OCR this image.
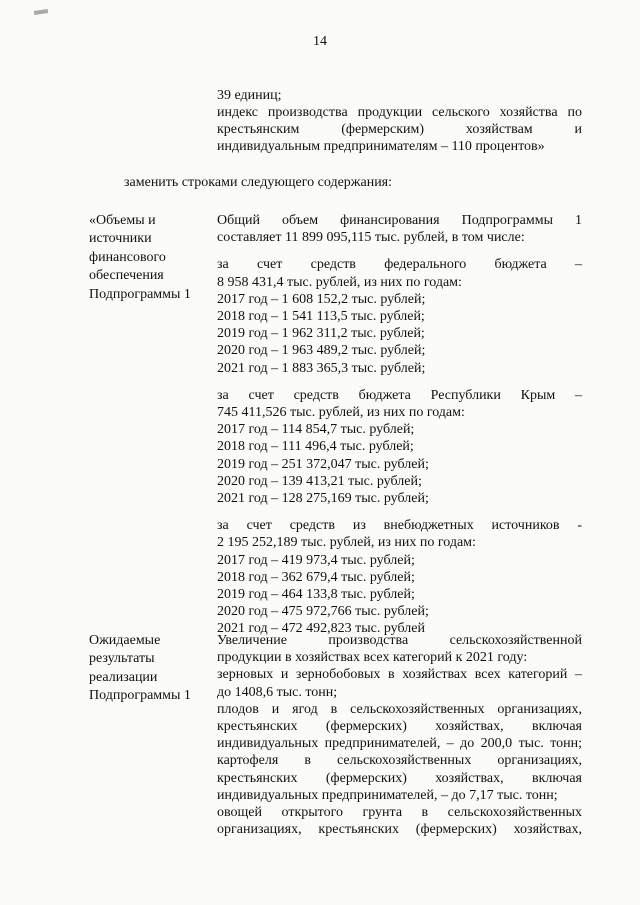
14
39 единиц;
индекс производства продукции сельского хозяйства по
крестьянским (фермерским) хозяйствам и
индивидуальным предпринимателям – 110 процентов»
заменить строками следующего содержания:
«Объемы и
источники
финансового
обеспечения
Подпрограммы 1
Общий объем финансирования Подпрограммы 1
составляет 11 899 095,115 тыс. рублей, в том числе:
за счет средств федерального бюджета –
8 958 431,4 тыс. рублей, из них по годам:
2017 год – 1 608 152,2 тыс. рублей;
2018 год – 1 541 113,5 тыс. рублей;
2019 год – 1 962 311,2 тыс. рублей;
2020 год – 1 963 489,2 тыс. рублей;
2021 год – 1 883 365,3 тыс. рублей;
за счет средств бюджета Республики Крым –
745 411,526 тыс. рублей, из них по годам:
2017 год – 114 854,7 тыс. рублей;
2018 год – 111 496,4 тыс. рублей;
2019 год – 251 372,047 тыс. рублей;
2020 год – 139 413,21 тыс. рублей;
2021 год – 128 275,169 тыс. рублей;
за счет средств из внебюджетных источников -
2 195 252,189 тыс. рублей, из них по годам:
2017 год – 419 973,4 тыс. рублей;
2018 год – 362 679,4 тыс. рублей;
2019 год – 464 133,8 тыс. рублей;
2020 год – 475 972,766 тыс. рублей;
2021 год – 472 492,823 тыс. рублей
Ожидаемые
результаты
реализации
Подпрограммы 1
Увеличение производства сельскохозяйственной
продукции в хозяйствах всех категорий к 2021 году:
зерновых и зернобобовых в хозяйствах всех категорий –
до 1408,6 тыс. тонн;
плодов и ягод в сельскохозяйственных организациях,
крестьянских (фермерских) хозяйствах, включая
индивидуальных предпринимателей, – до 200,0 тыс. тонн;
картофеля в сельскохозяйственных организациях,
крестьянских (фермерских) хозяйствах, включая
индивидуальных предпринимателей, – до 7,17 тыс. тонн;
овощей открытого грунта в сельскохозяйственных
организациях, крестьянских (фермерских) хозяйствах,
